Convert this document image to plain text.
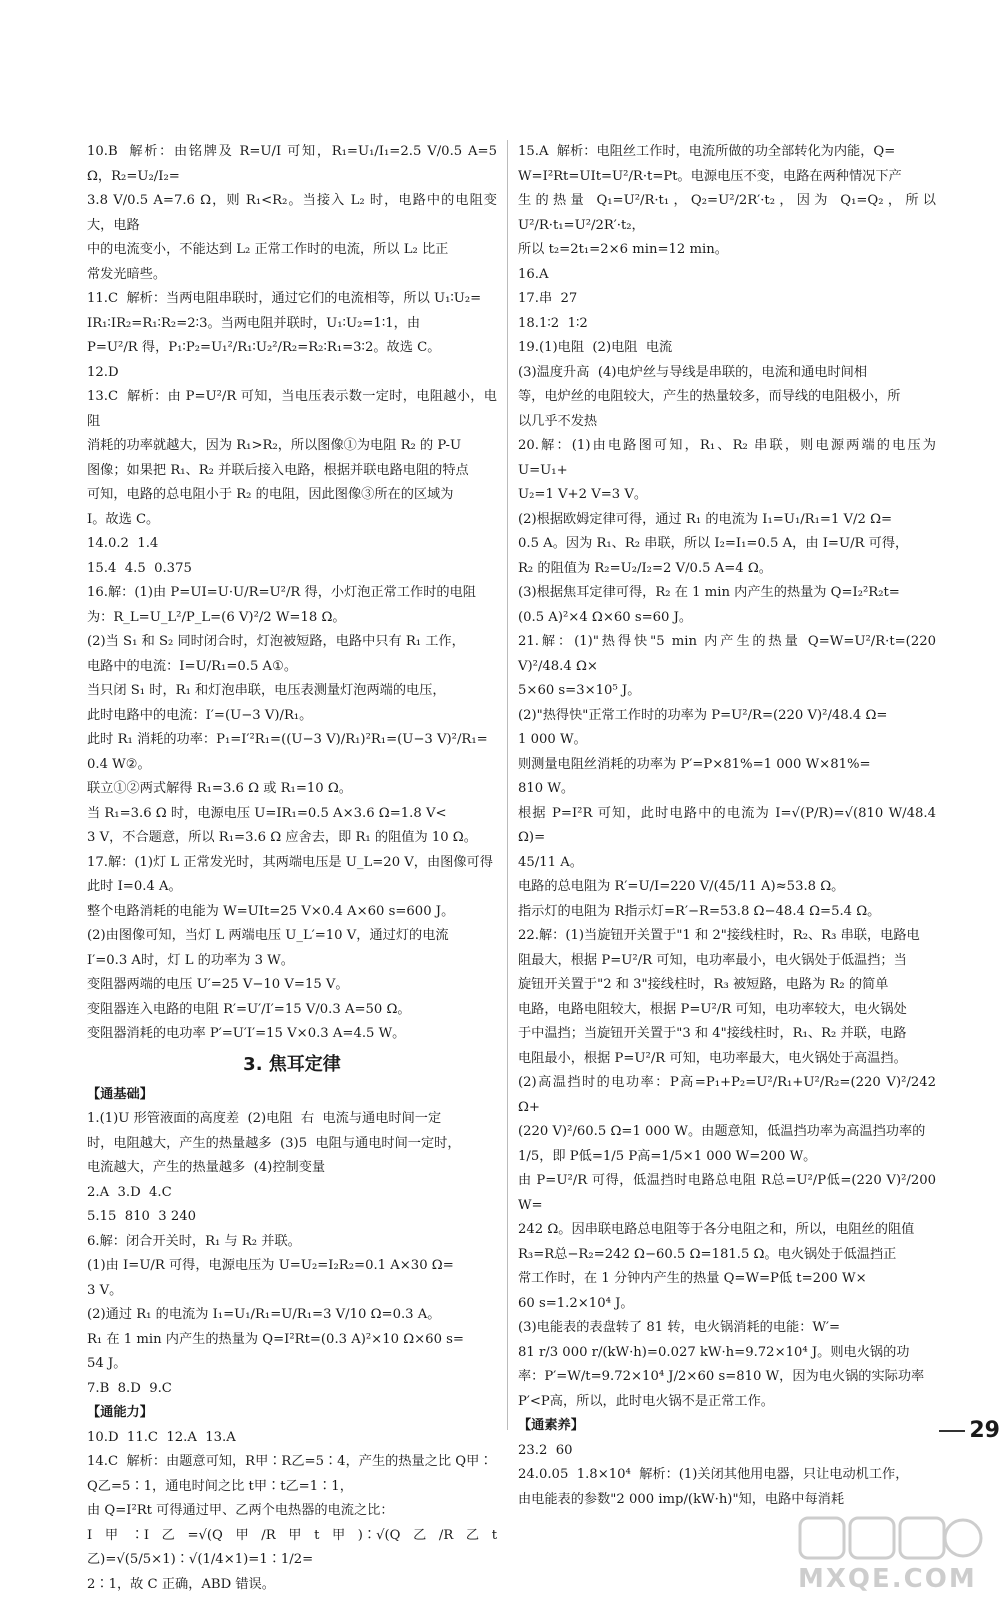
10.B  解析：由铭牌及 R=U/I 可知，R₁=U₁/I₁=2.5 V/0.5 A=5 Ω，R₂=U₂/I₂=

3.8 V/0.5 A=7.6 Ω，则 R₁<R₂。当接入 L₂ 时，电路中的电阻变大，电路

中的电流变小，不能达到 L₂ 正常工作时的电流，所以 L₂ 比正

常发光暗些。

11.C  解析：当两电阻串联时，通过它们的电流相等，所以 U₁∶U₂=

IR₁∶IR₂=R₁∶R₂=2∶3。当两电阻并联时，U₁∶U₂=1∶1，由

P=U²/R 得，P₁∶P₂=U₁²/R₁∶U₂²/R₂=R₂∶R₁=3∶2。故选 C。

12.D

13.C  解析：由 P=U²/R 可知，当电压表示数一定时，电阻越小，电阻

消耗的功率就越大，因为 R₁>R₂，所以图像①为电阻 R₂ 的 P-U

图像；如果把 R₁、R₂ 并联后接入电路，根据并联电路电阻的特点

可知，电路的总电阻小于 R₂ 的电阻，因此图像③所在的区域为

Ⅰ。故选 C。

14.0.2  1.4

15.4  4.5  0.375

16.解：(1)由 P=UI=U·U/R=U²/R 得，小灯泡正常工作时的电阻

为：R_L=U_L²/P_L=(6 V)²/2 W=18 Ω。

(2)当 S₁ 和 S₂ 同时闭合时，灯泡被短路，电路中只有 R₁ 工作，

电路中的电流：I=U/R₁=0.5 A①。

当只闭 S₁ 时，R₁ 和灯泡串联，电压表测量灯泡两端的电压，

此时电路中的电流：I′=(U−3 V)/R₁。

此时 R₁ 消耗的功率：P₁=I′²R₁=((U−3 V)/R₁)²R₁=(U−3 V)²/R₁=

0.4 W②。

联立①②两式解得 R₁=3.6 Ω 或 R₁=10 Ω。

当 R₁=3.6 Ω 时，电源电压 U=IR₁=0.5 A×3.6 Ω=1.8 V<

3 V，不合题意，所以 R₁=3.6 Ω 应舍去，即 R₁ 的阻值为 10 Ω。

17.解：(1)灯 L 正常发光时，其两端电压是 U_L=20 V，由图像可得

此时 I=0.4 A。

整个电路消耗的电能为 W=UIt=25 V×0.4 A×60 s=600 J。

(2)由图像可知，当灯 L 两端电压 U_L′=10 V，通过灯的电流

I′=0.3 A时，灯 L 的功率为 3 W。

变阻器两端的电压 U′=25 V−10 V=15 V。

变阻器连入电路的电阻 R′=U′/I′=15 V/0.3 A=50 Ω。

变阻器消耗的电功率 P′=U′I′=15 V×0.3 A=4.5 W。

3. 焦耳定律
【通基础】

1.(1)U 形管液面的高度差  (2)电阻  右  电流与通电时间一定

时，电阻越大，产生的热量越多  (3)5  电阻与通电时间一定时，

电流越大，产生的热量越多  (4)控制变量

2.A  3.D  4.C

5.15  810  3 240

6.解：闭合开关时，R₁ 与 R₂ 并联。

(1)由 I=U/R 可得，电源电压为 U=U₂=I₂R₂=0.1 A×30 Ω=

3 V。

(2)通过 R₁ 的电流为 I₁=U₁/R₁=U/R₁=3 V/10 Ω=0.3 A。

R₁ 在 1 min 内产生的热量为 Q=I²Rt=(0.3 A)²×10 Ω×60 s=

54 J。

7.B  8.D  9.C

【通能力】

10.D  11.C  12.A  13.A

14.C  解析：由题意可知，R甲∶R乙=5∶4，产生的热量之比 Q甲∶

Q乙=5∶1，通电时间之比 t甲∶t乙=1∶1，

由 Q=I²Rt 可得通过甲、乙两个电热器的电流之比：

I甲∶I乙=√(Q甲/R甲t甲)∶√(Q乙/R乙t乙)=√(5/5×1)∶√(1/4×1)=1∶1/2=

2∶1，故 C 正确，ABD 错误。

15.A  解析：电阻丝工作时，电流所做的功全部转化为内能，Q=

W=I²Rt=UIt=U²/R·t=Pt。电源电压不变，电路在两种情况下产

生的热量 Q₁=U²/R·t₁，Q₂=U²/2R′·t₂，因为 Q₁=Q₂，所以 U²/R·t₁=U²/2R′·t₂，

所以 t₂=2t₁=2×6 min=12 min。

16.A

17.串  27

18.1∶2  1∶2

19.(1)电阻  (2)电阻  电流

(3)温度升高  (4)电炉丝与导线是串联的，电流和通电时间相

等，电炉丝的电阻较大，产生的热量较多，而导线的电阻极小，所

以几乎不发热

20.解：(1)由电路图可知，R₁、R₂ 串联，则电源两端的电压为 U=U₁+

U₂=1 V+2 V=3 V。

(2)根据欧姆定律可得，通过 R₁ 的电流为 I₁=U₁/R₁=1 V/2 Ω=

0.5 A。因为 R₁、R₂ 串联，所以 I₂=I₁=0.5 A，由 I=U/R 可得，

R₂ 的阻值为 R₂=U₂/I₂=2 V/0.5 A=4 Ω。

(3)根据焦耳定律可得，R₂ 在 1 min 内产生的热量为 Q=I₂²R₂t=

(0.5 A)²×4 Ω×60 s=60 J。

21.解：(1)"热得快"5 min 内产生的热量 Q=W=U²/R·t=(220 V)²/48.4 Ω×

5×60 s=3×10⁵ J。

(2)"热得快"正常工作时的功率为 P=U²/R=(220 V)²/48.4 Ω=

1 000 W。

则测量电阻丝消耗的功率为 P′=P×81%=1 000 W×81%=

810 W。

根据 P=I²R 可知，此时电路中的电流为 I=√(P/R)=√(810 W/48.4 Ω)=

45/11 A。

电路的总电阻为 R′=U/I=220 V/(45/11 A)≈53.8 Ω。

指示灯的电阻为 R指示灯=R′−R=53.8 Ω−48.4 Ω=5.4 Ω。

22.解：(1)当旋钮开关置于"1 和 2"接线柱时，R₂、R₃ 串联，电路电

阻最大，根据 P=U²/R 可知，电功率最小，电火锅处于低温挡；当

旋钮开关置于"2 和 3"接线柱时，R₃ 被短路，电路为 R₂ 的简单

电路，电路电阻较大，根据 P=U²/R 可知，电功率较大，电火锅处

于中温挡；当旋钮开关置于"3 和 4"接线柱时，R₁、R₂ 并联，电路

电阻最小，根据 P=U²/R 可知，电功率最大，电火锅处于高温挡。

(2)高温挡时的电功率：P高=P₁+P₂=U²/R₁+U²/R₂=(220 V)²/242 Ω+

(220 V)²/60.5 Ω=1 000 W。由题意知，低温挡功率为高温挡功率的

1/5，即 P低=1/5 P高=1/5×1 000 W=200 W。

由 P=U²/R 可得，低温挡时电路总电阻 R总=U²/P低=(220 V)²/200 W=

242 Ω。因串联电路总电阻等于各分电阻之和，所以，电阻丝的阻值

R₃=R总−R₂=242 Ω−60.5 Ω=181.5 Ω。电火锅处于低温挡正

常工作时，在 1 分钟内产生的热量 Q=W=P低 t=200 W×

60 s=1.2×10⁴ J。

(3)电能表的表盘转了 81 转，电火锅消耗的电能：W′=

81 r/3 000 r/(kW·h)=0.027 kW·h=9.72×10⁴ J。则电火锅的功

率：P′=W/t=9.72×10⁴ J/2×60 s=810 W，因为电火锅的实际功率

P′<P高，所以，此时电火锅不是正常工作。

【通素养】

23.2  60

24.0.05  1.8×10⁴  解析：(1)关闭其他用电器，只让电动机工作，

由电能表的参数"2 000 imp/(kW·h)"知，电路中每消耗

29
MXQE.COM
